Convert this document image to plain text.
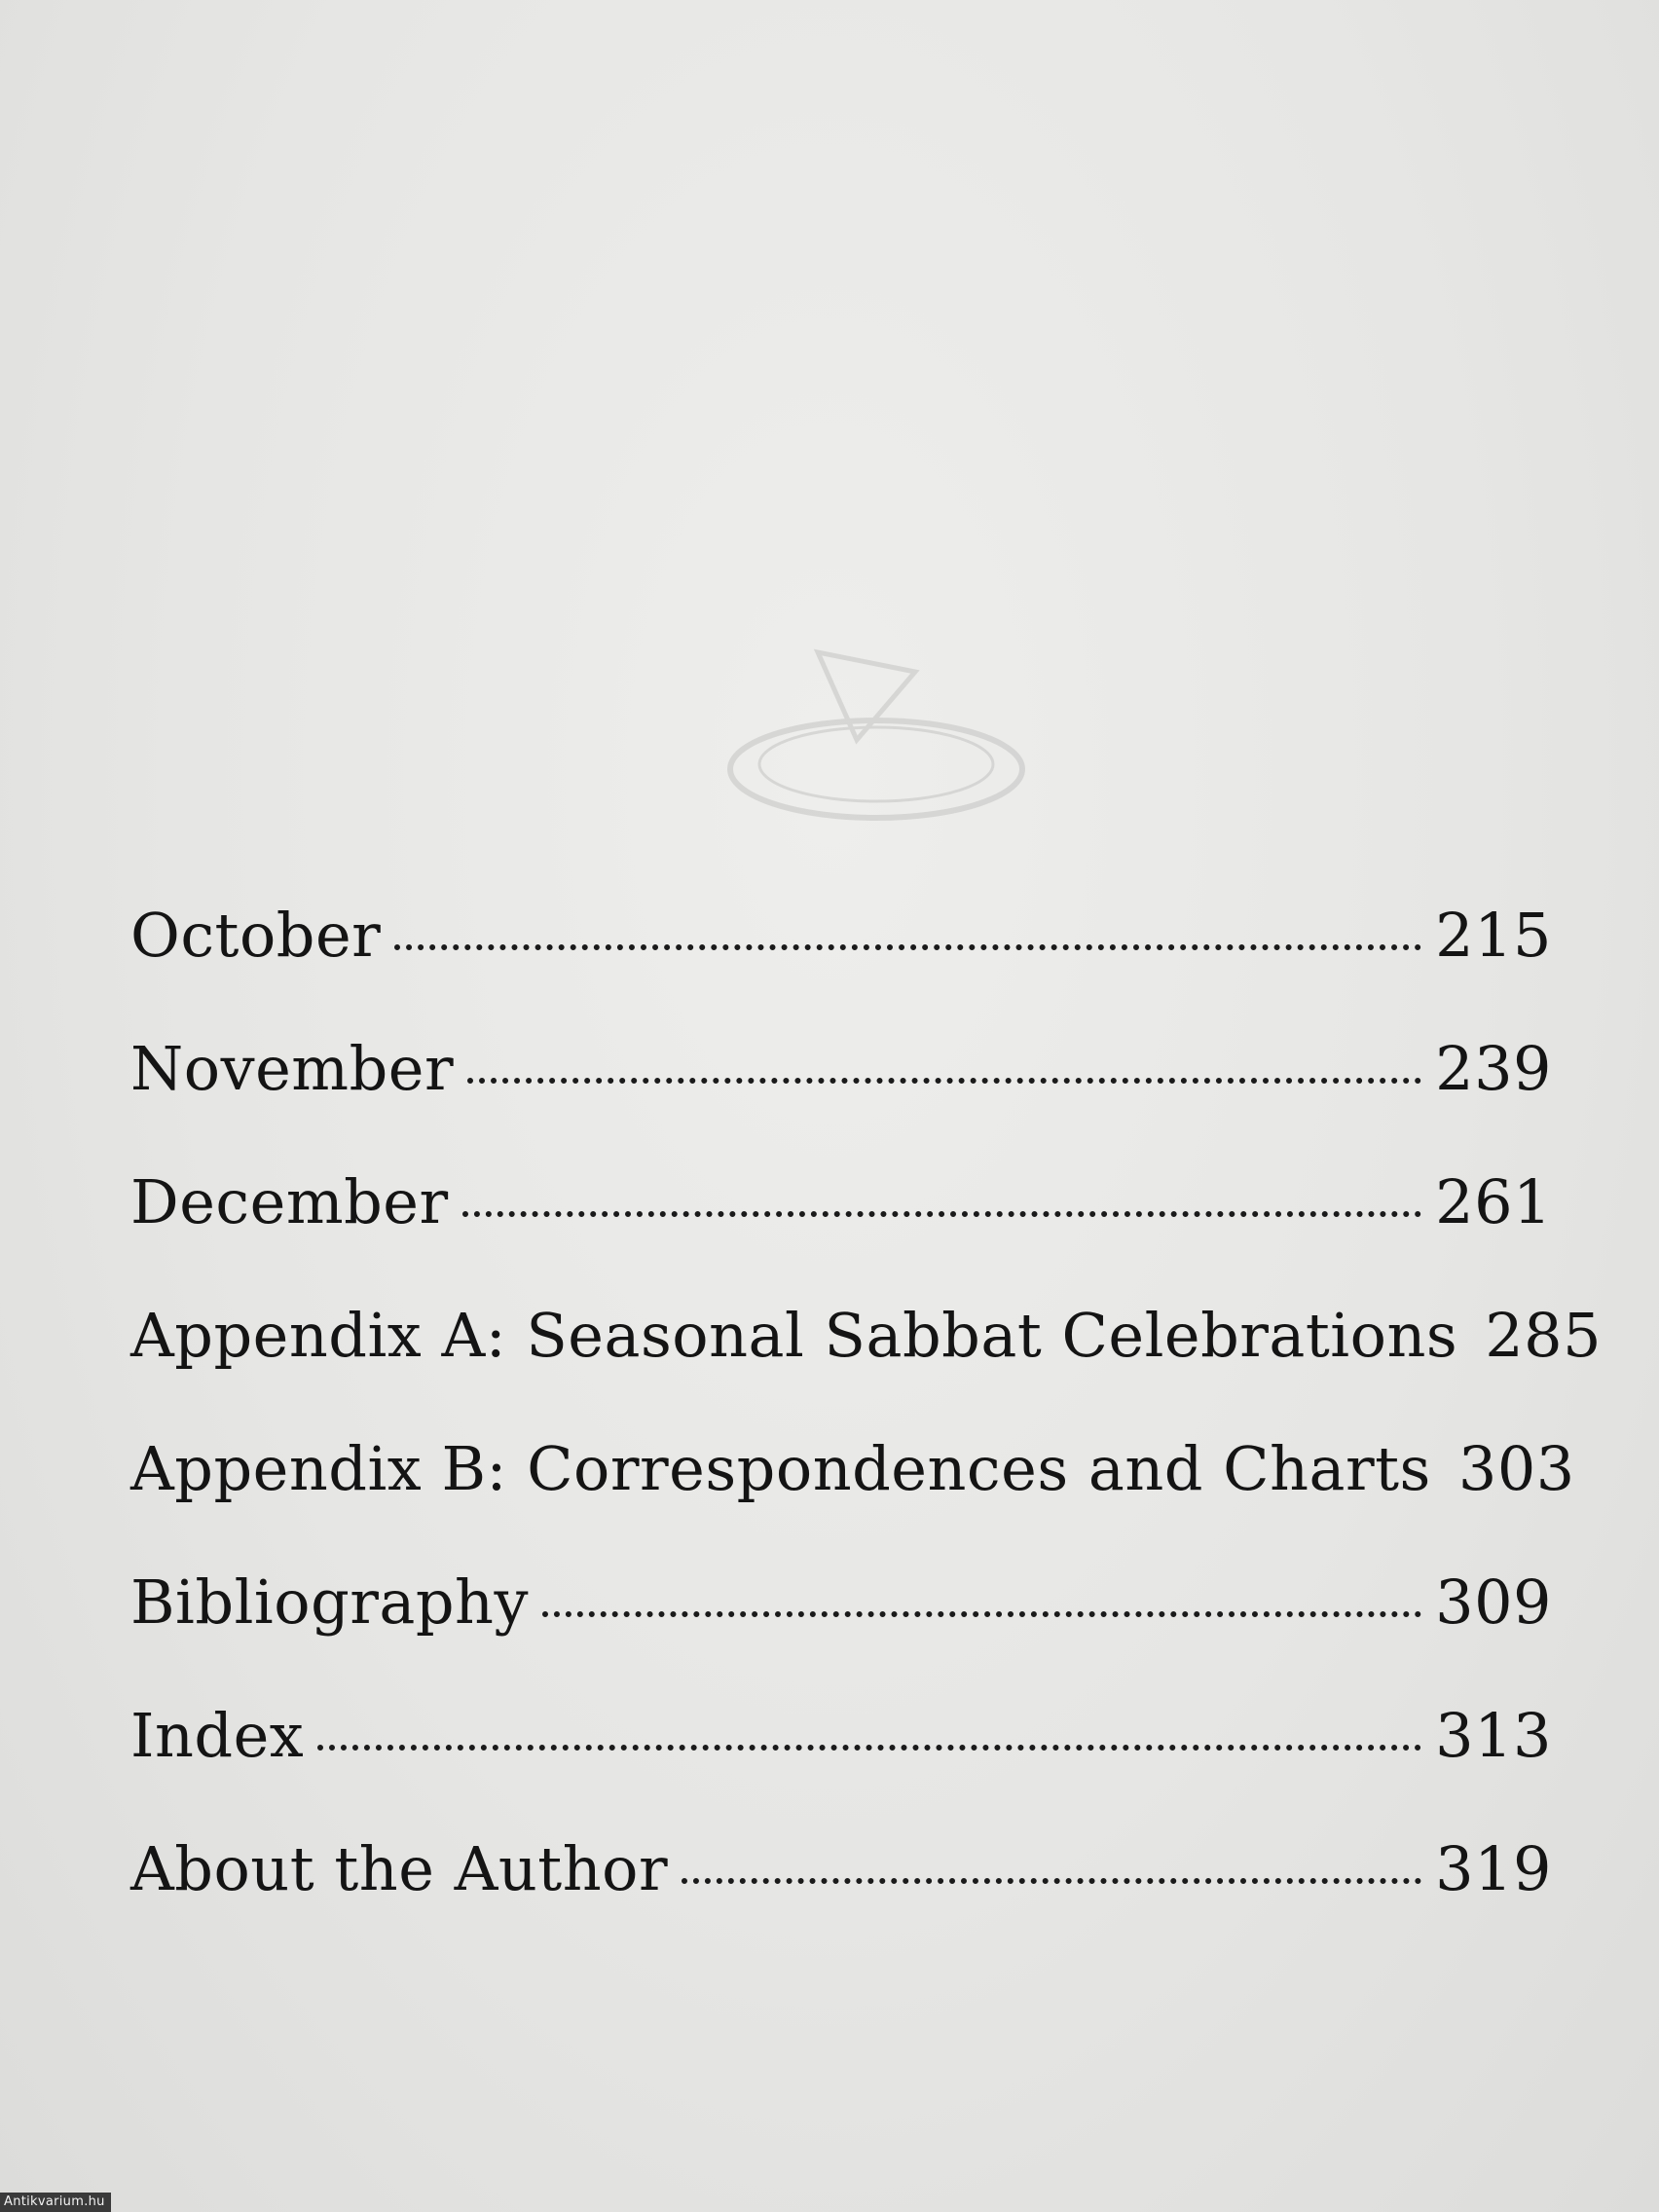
October	215
November	239
December	261
Appendix A: Seasonal Sabbat Celebrations 285
Appendix B: Correspondences and Charts 303
Bibliography	309
Index	313
About the Author	319
Antikvarium.hu
